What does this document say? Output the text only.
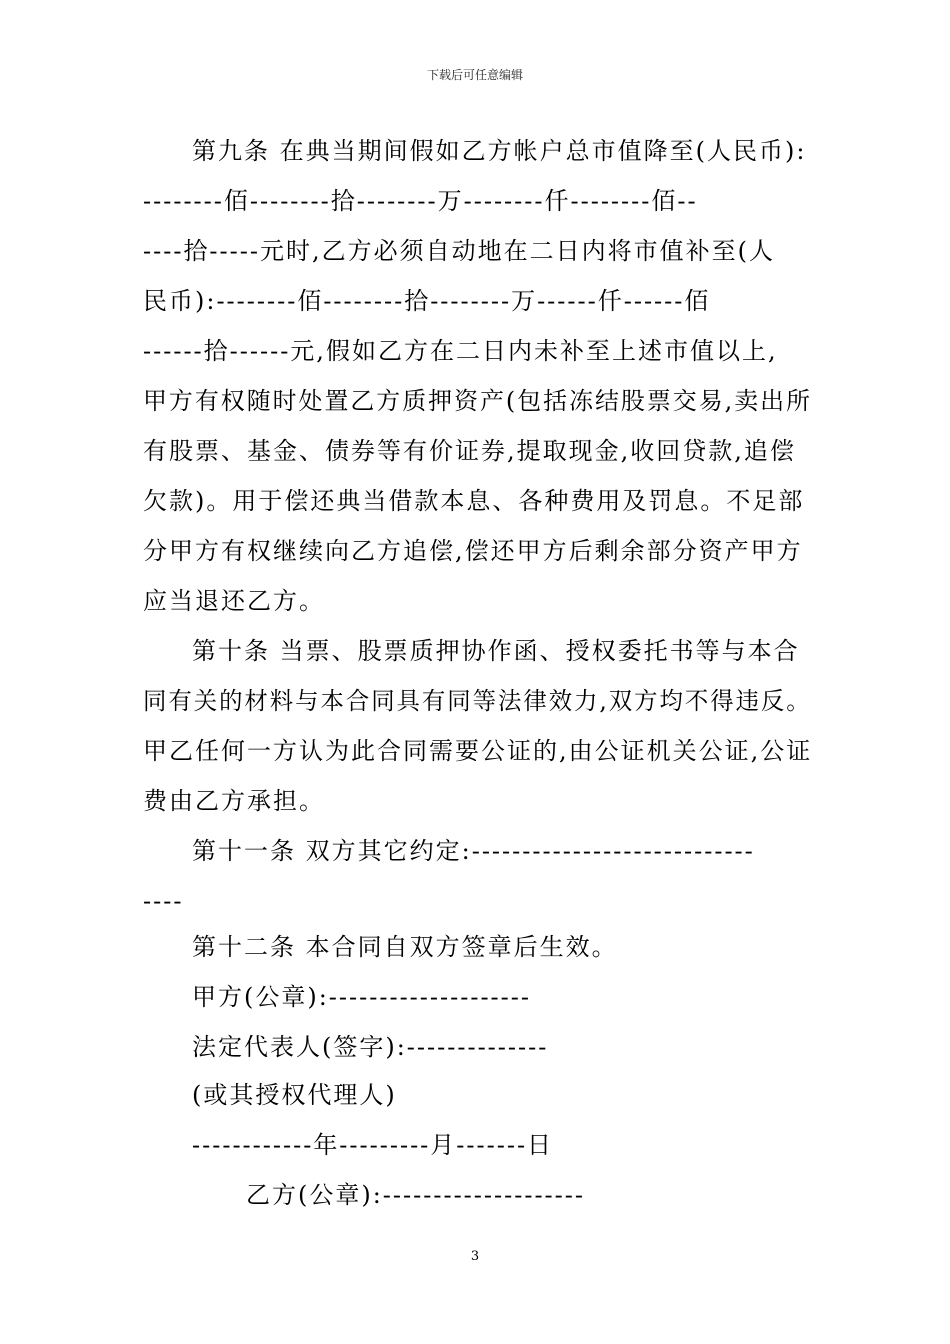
下载后可任意编辑
第九条 在典当期间假如乙方帐户总市值降至(人民币):
--------佰--------拾--------万--------仟--------佰--
----拾-----元时,乙方必须自动地在二日内将市值补至(人
民币):--------佰--------拾--------万------仟------佰
------拾------元,假如乙方在二日内未补至上述市值以上,
甲方有权随时处置乙方质押资产(包括冻结股票交易,卖出所
有股票、基金、债券等有价证券,提取现金,收回贷款,追偿
欠款)。用于偿还典当借款本息、各种费用及罚息。不足部
分甲方有权继续向乙方追偿,偿还甲方后剩余部分资产甲方
应当退还乙方。
第十条 当票、股票质押协作函、授权委托书等与本合
同有关的材料与本合同具有同等法律效力,双方均不得违反。
甲乙任何一方认为此合同需要公证的,由公证机关公证,公证
费由乙方承担。
第十一条 双方其它约定:----------------------------
----
第十二条 本合同自双方签章后生效。
甲方(公章):--------------------
法定代表人(签字):--------------
(或其授权代理人)
------------年---------月-------日
乙方(公章):--------------------
3
